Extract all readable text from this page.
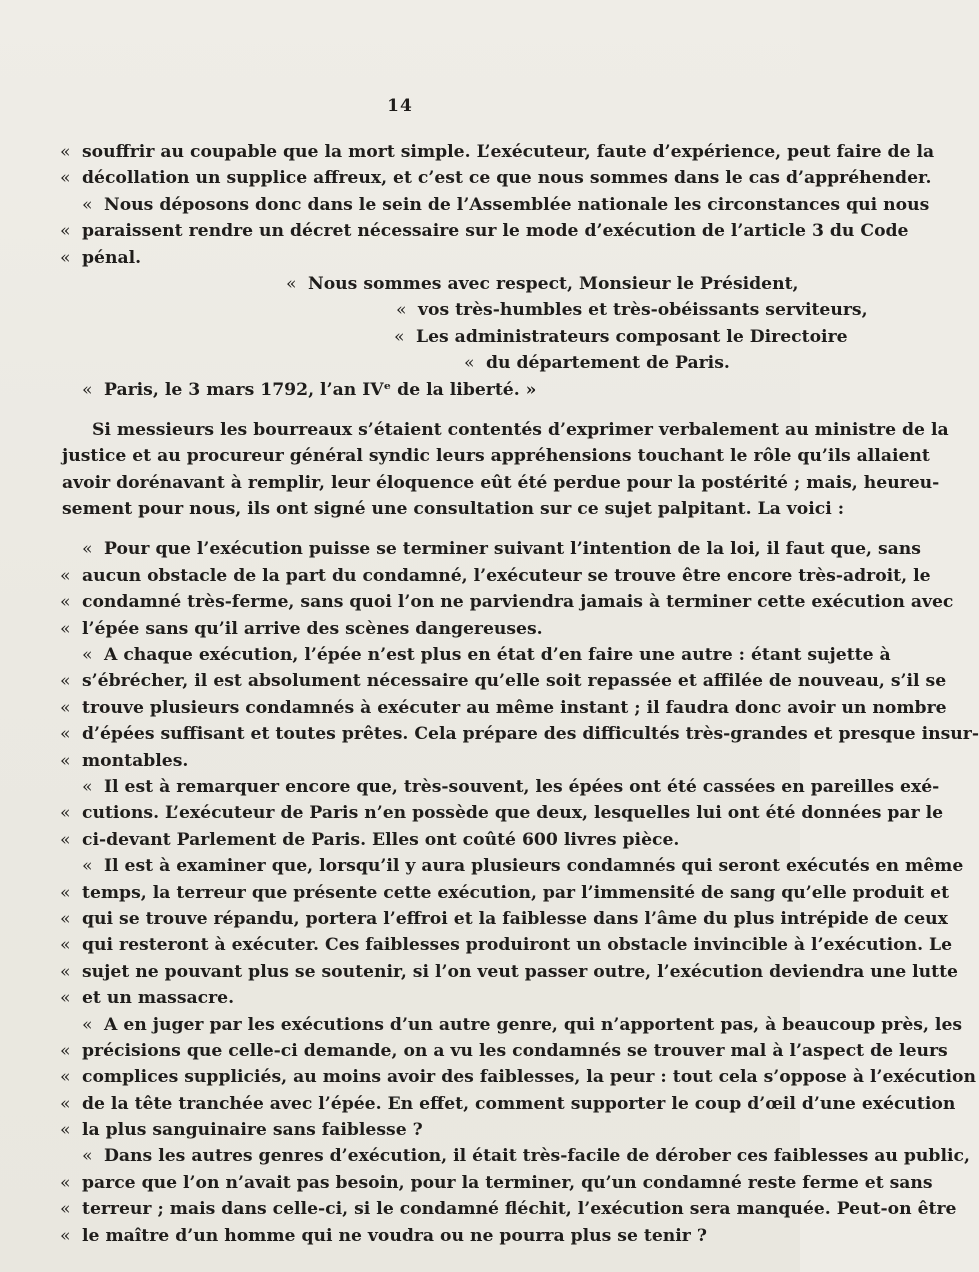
14
« souffrir au coupable que la mort simple. L’exécuteur, faute d’expérience, peut faire de la
« décollation un supplice affreux, et c’est ce que nous sommes dans le cas d’appréhender.
« Nous déposons donc dans le sein de l’Assemblée nationale les circonstances qui nous
« paraissent rendre un décret nécessaire sur le mode d’exécution de l’article 3 du Code
« pénal.
« Nous sommes avec respect, Monsieur le Président,
« vos très-humbles et très-obéissants serviteurs,
« Les administrateurs composant le Directoire
« du département de Paris.
« Paris, le 3 mars 1792, l’an IVᵉ de la liberté. »
Si messieurs les bourreaux s’étaient contentés d’exprimer verbalement au ministre de la
justice et au procureur général syndic leurs appréhensions touchant le rôle qu’ils allaient
avoir dorénavant à remplir, leur éloquence eût été perdue pour la postérité ; mais, heureu-
sement pour nous, ils ont signé une consultation sur ce sujet palpitant. La voici :
« Pour que l’exécution puisse se terminer suivant l’intention de la loi, il faut que, sans
« aucun obstacle de la part du condamné, l’exécuteur se trouve être encore très-adroit, le
« condamné très-ferme, sans quoi l’on ne parviendra jamais à terminer cette exécution avec
« l’épée sans qu’il arrive des scènes dangereuses.
« A chaque exécution, l’épée n’est plus en état d’en faire une autre : étant sujette à
« s’ébrécher, il est absolument nécessaire qu’elle soit repassée et affilée de nouveau, s’il se
« trouve plusieurs condamnés à exécuter au même instant ; il faudra donc avoir un nombre
« d’épées suffisant et toutes prêtes. Cela prépare des difficultés très-grandes et presque insur-
« montables.
« Il est à remarquer encore que, très-souvent, les épées ont été cassées en pareilles exé-
« cutions. L’exécuteur de Paris n’en possède que deux, lesquelles lui ont été données par le
« ci-devant Parlement de Paris. Elles ont coûté 600 livres pièce.
« Il est à examiner que, lorsqu’il y aura plusieurs condamnés qui seront exécutés en même
« temps, la terreur que présente cette exécution, par l’immensité de sang qu’elle produit et
« qui se trouve répandu, portera l’effroi et la faiblesse dans l’âme du plus intrépide de ceux
« qui resteront à exécuter. Ces faiblesses produiront un obstacle invincible à l’exécution. Le
« sujet ne pouvant plus se soutenir, si l’on veut passer outre, l’exécution deviendra une lutte
« et un massacre.
« A en juger par les exécutions d’un autre genre, qui n’apportent pas, à beaucoup près, les
« précisions que celle-ci demande, on a vu les condamnés se trouver mal à l’aspect de leurs
« complices suppliciés, au moins avoir des faiblesses, la peur : tout cela s’oppose à l’exécution
« de la tête tranchée avec l’épée. En effet, comment supporter le coup d’œil d’une exécution
« la plus sanguinaire sans faiblesse ?
« Dans les autres genres d’exécution, il était très-facile de dérober ces faiblesses au public,
« parce que l’on n’avait pas besoin, pour la terminer, qu’un condamné reste ferme et sans
« terreur ; mais dans celle-ci, si le condamné fléchit, l’exécution sera manquée. Peut-on être
« le maître d’un homme qui ne voudra ou ne pourra plus se tenir ?
